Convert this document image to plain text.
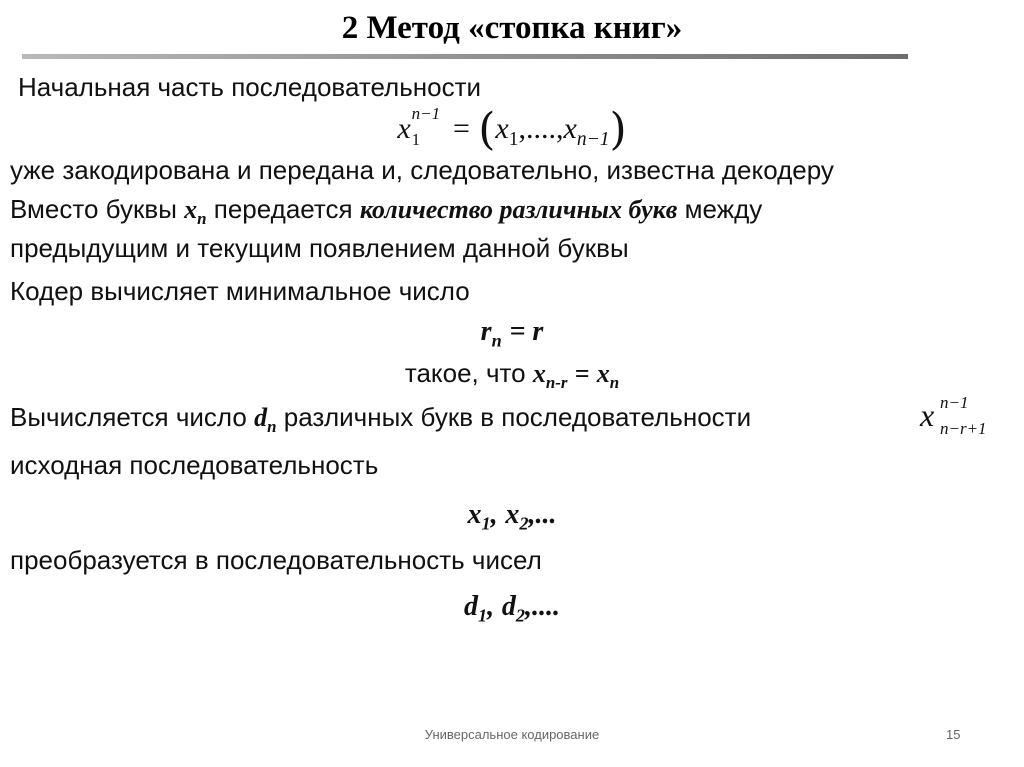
2 Метод «стопка книг»
Начальная часть последовательности
x n−1
$1 = (x_1,....,x_{n-1})$
уже закодирована и передана и, следовательно, известна декодеру
Вместо буквы $x_n$ передается количество различных букв между
предыдущим и текущим появлением данной буквы
Кодер вычисляет минимальное число
$r_n = r$
такое, что $x_{n-r} = x_n$
Вычисляется число $d_n$ различных букв в последовательности	x n−1
n−r+1
исходная последовательность
$x_1$, $x_2$,...
преобразуется в последовательность чисел
$d_1$, $d_2$,....
Универсальное кодирование	15
